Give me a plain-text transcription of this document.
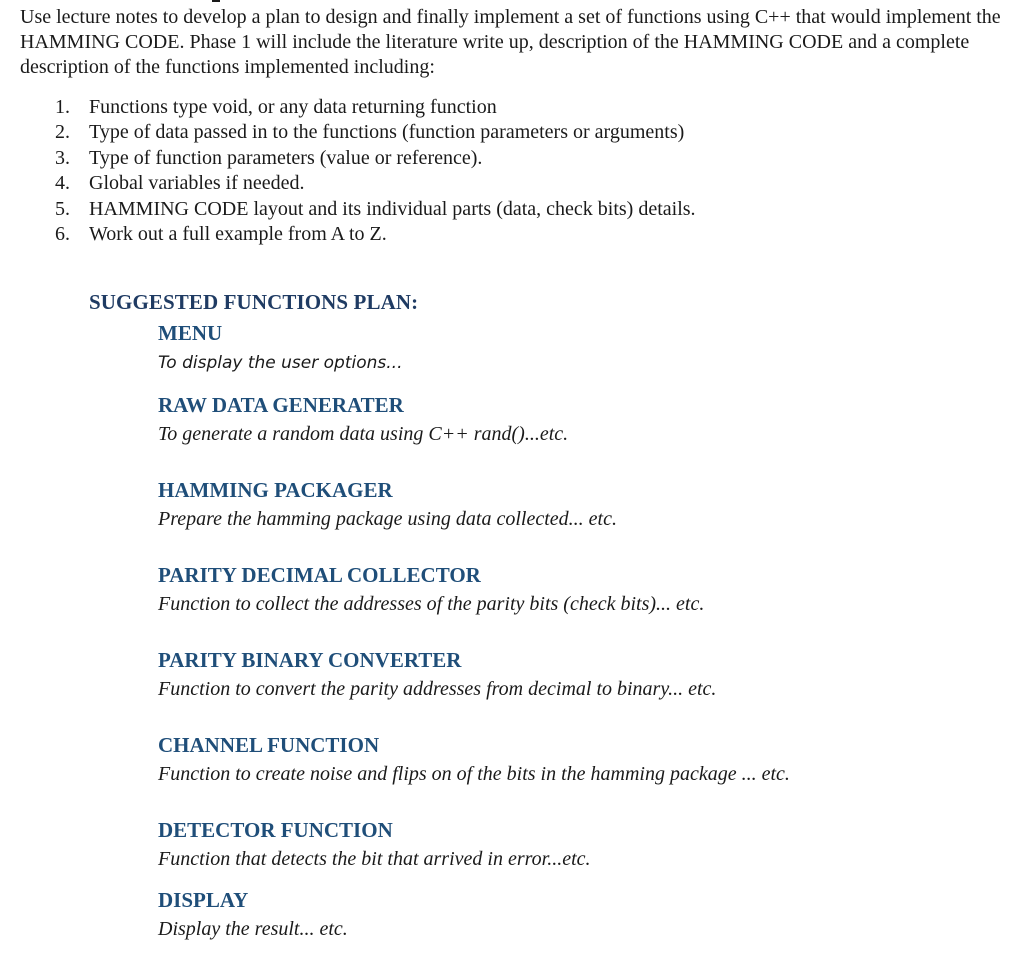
Use lecture notes to develop a plan to design and finally implement a set of functions using C++ that would implement the HAMMING CODE. Phase 1 will include the literature write up, description of the HAMMING CODE and a complete description of the functions implemented including:

1. Functions type void, or any data returning function
2. Type of data passed in to the functions (function parameters or arguments)
3. Type of function parameters (value or reference).
4. Global variables if needed.
5. HAMMING CODE layout and its individual parts (data, check bits) details.
6. Work out a full example from A to Z.
SUGGESTED FUNCTIONS PLAN:
MENU

To display the user options...

RAW DATA GENERATER

To generate a random data using C++ rand()...etc.

HAMMING PACKAGER

Prepare the hamming package using data collected... etc.

PARITY DECIMAL COLLECTOR

Function to collect the addresses of the parity bits (check bits)... etc.

PARITY BINARY CONVERTER

Function to convert the parity addresses from decimal to binary... etc.

CHANNEL FUNCTION

Function to create noise and flips on of the bits in the hamming package ... etc.

DETECTOR FUNCTION

Function that detects the bit that arrived in error...etc.

DISPLAY

Display the result... etc.
